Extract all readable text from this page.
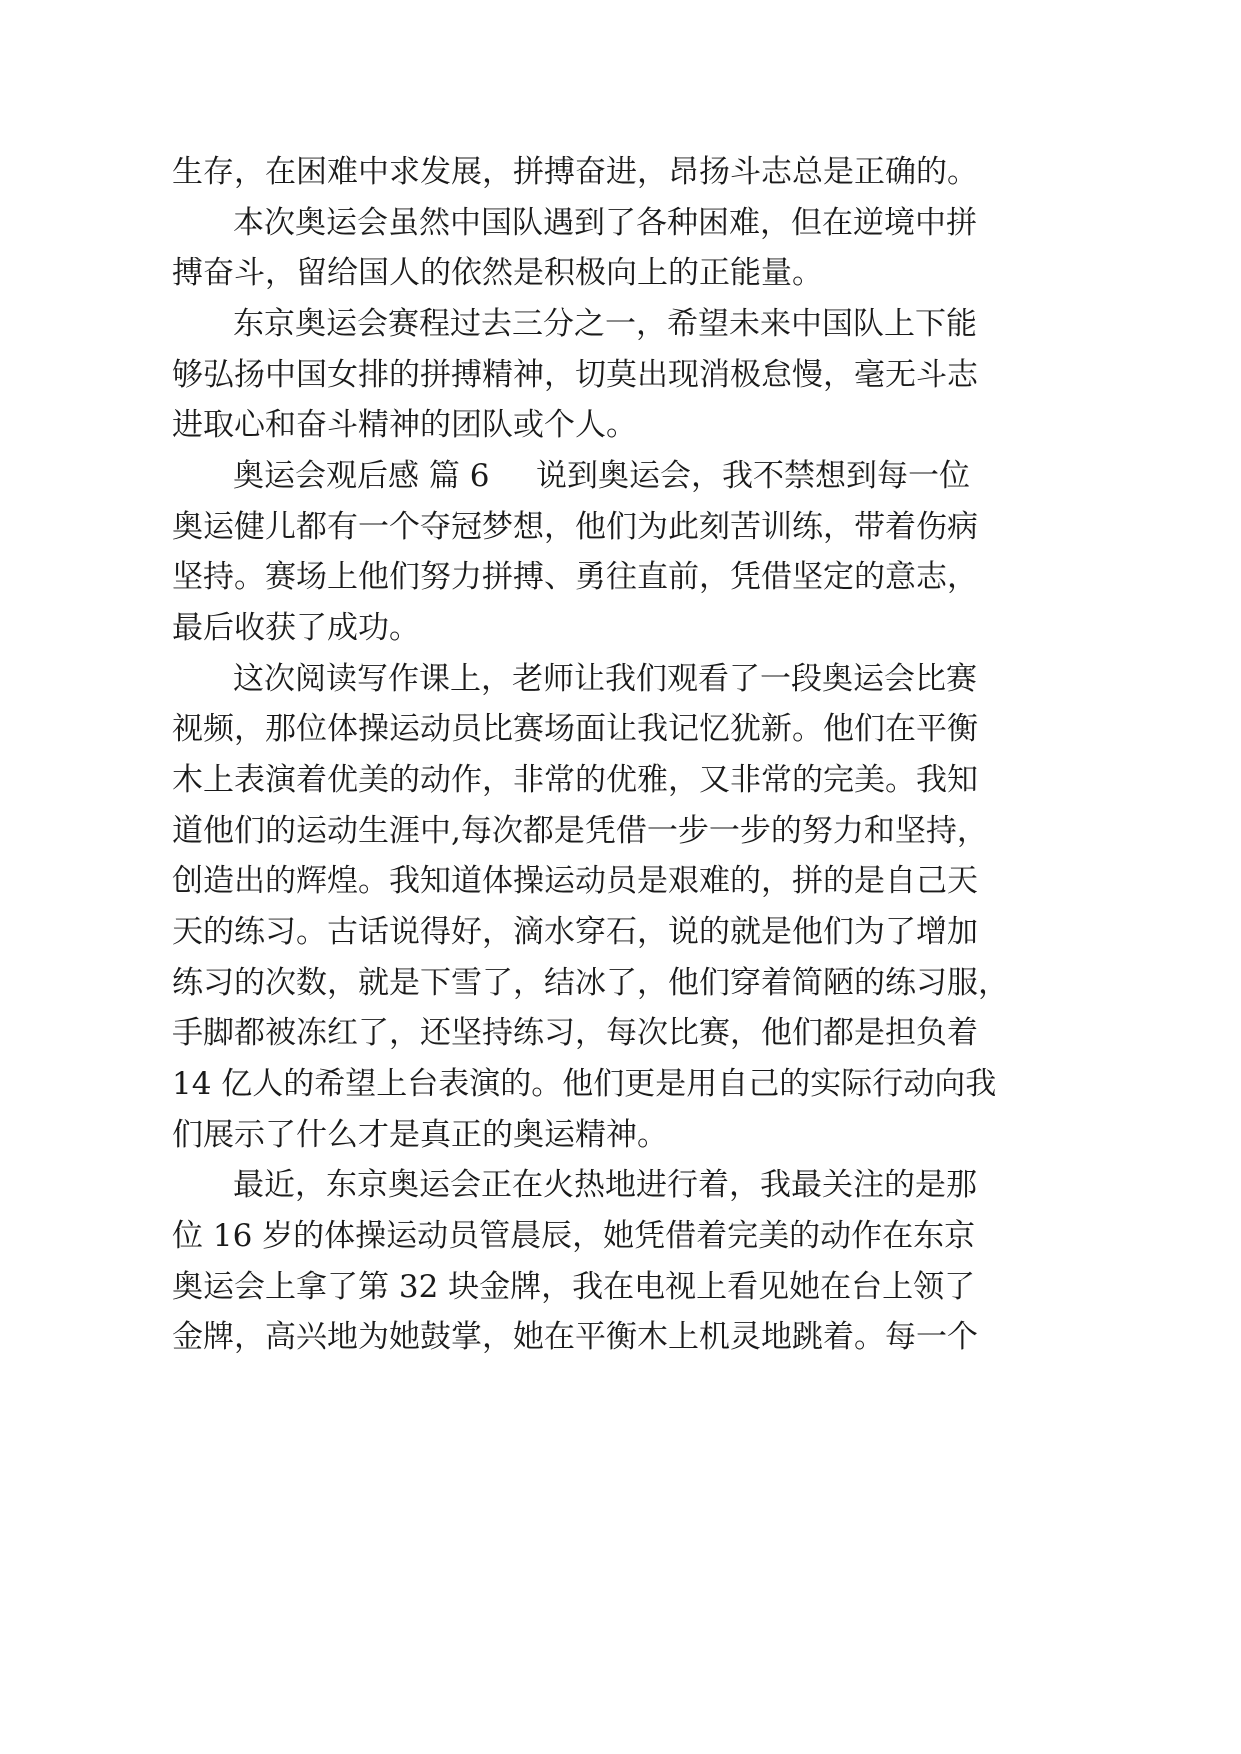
生存，在困难中求发展，拼搏奋进，昂扬斗志总是正确的。
本次奥运会虽然中国队遇到了各种困难，但在逆境中拼
搏奋斗，留给国人的依然是积极向上的正能量。
东京奥运会赛程过去三分之一，希望未来中国队上下能
够弘扬中国女排的拼搏精神，切莫出现消极怠慢，毫无斗志
进取心和奋斗精神的团队或个人。
奥运会观后感 篇 6 说到奥运会，我不禁想到每一位
奥运健儿都有一个夺冠梦想，他们为此刻苦训练，带着伤病
坚持。赛场上他们努力拼搏、勇往直前，凭借坚定的意志，
最后收获了成功。
这次阅读写作课上，老师让我们观看了一段奥运会比赛
视频，那位体操运动员比赛场面让我记忆犹新。他们在平衡
木上表演着优美的动作，非常的优雅，又非常的完美。我知
道他们的运动生涯中,每次都是凭借一步一步的努力和坚持，
创造出的辉煌。我知道体操运动员是艰难的，拼的是自己天
天的练习。古话说得好，滴水穿石，说的就是他们为了增加
练习的次数，就是下雪了，结冰了，他们穿着简陋的练习服，
手脚都被冻红了，还坚持练习，每次比赛，他们都是担负着
14 亿人的希望上台表演的。他们更是用自己的实际行动向我
们展示了什么才是真正的奥运精神。
最近，东京奥运会正在火热地进行着，我最关注的是那
位 16 岁的体操运动员管晨辰，她凭借着完美的动作在东京
奥运会上拿了第 32 块金牌，我在电视上看见她在台上领了
金牌，高兴地为她鼓掌，她在平衡木上机灵地跳着。每一个
